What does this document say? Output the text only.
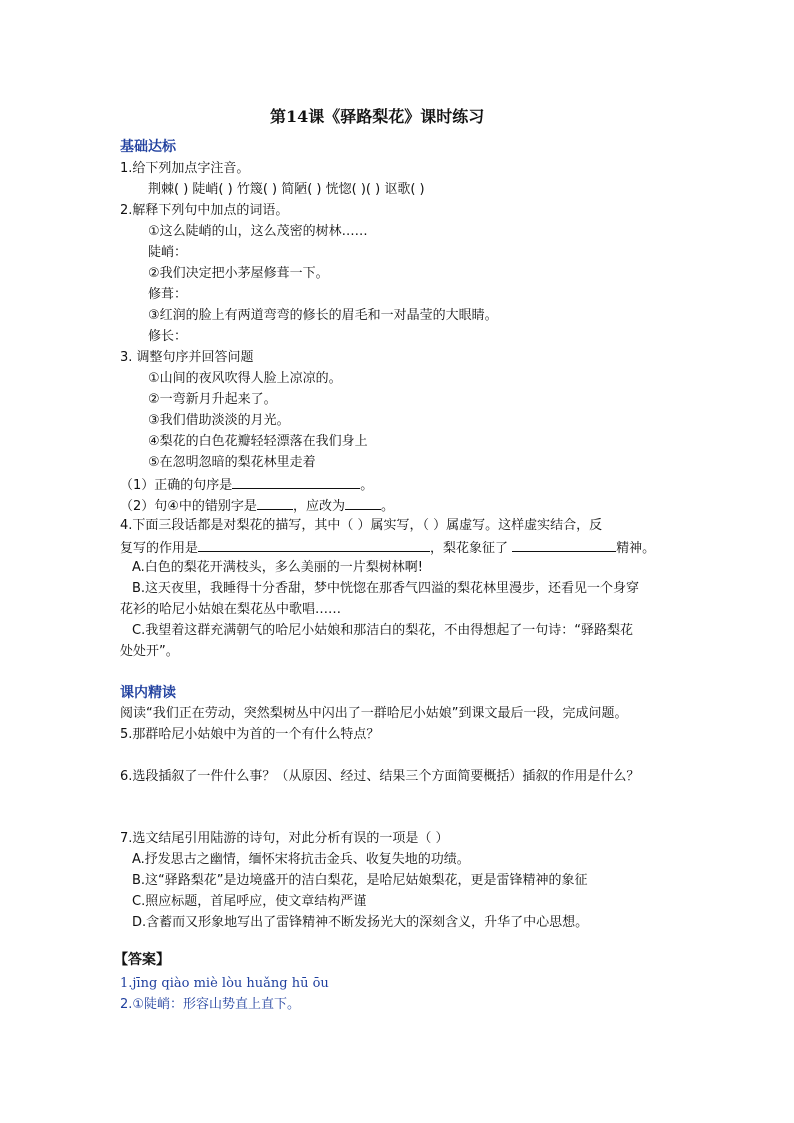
第14课《驿路梨花》课时练习
基础达标
1.给下列加点字注音。
荆棘( ) 陡峭( ) 竹篾( ) 简陋( ) 恍惚( )( ) 讴歌( )
2.解释下列句中加点的词语。
①这么陡峭的山，这么茂密的树林……
陡峭：
②我们决定把小茅屋修葺一下。
修葺：
③红润的脸上有两道弯弯的修长的眉毛和一对晶莹的大眼睛。
修长：
3. 调整句序并回答问题
①山间的夜风吹得人脸上凉凉的。
②一弯新月升起来了。
③我们借助淡淡的月光。
④梨花的白色花瓣轻轻漂落在我们身上
⑤在忽明忽暗的梨花林里走着
（1）正确的句序是	。
（2）句④中的错别字是	，应改为	。
4.下面三段话都是对梨花的描写，其中（ ）属实写，（ ）属虚写。这样虚实结合，反
复写的作用是	，梨花象征了	精神。
A.白色的梨花开满枝头，多么美丽的一片梨树林啊!
B.这天夜里，我睡得十分香甜，梦中恍惚在那香气四溢的梨花林里漫步，还看见一个身穿
花衫的哈尼小姑娘在梨花丛中歌唱……
C.我望着这群充满朝气的哈尼小姑娘和那洁白的梨花，不由得想起了一句诗：“驿路梨花
处处开”。
课内精读
阅读“我们正在劳动，突然梨树丛中闪出了一群哈尼小姑娘”到课文最后一段，完成问题。
5.那群哈尼小姑娘中为首的一个有什么特点？
6.选段插叙了一件什么事？（从原因、经过、结果三个方面简要概括）插叙的作用是什么？
7.选文结尾引用陆游的诗句，对此分析有误的一项是（ ）
A.抒发思古之幽情，缅怀宋将抗击金兵、收复失地的功绩。
B.这“驿路梨花”是边境盛开的洁白梨花，是哈尼姑娘梨花，更是雷锋精神的象征
C.照应标题，首尾呼应，使文章结构严谨
D.含蓄而又形象地写出了雷锋精神不断发扬光大的深刻含义，升华了中心思想。
【答案】
1.jīng qiào miè lòu huǎng hū ōu
2.①陡峭：形容山势直上直下。
